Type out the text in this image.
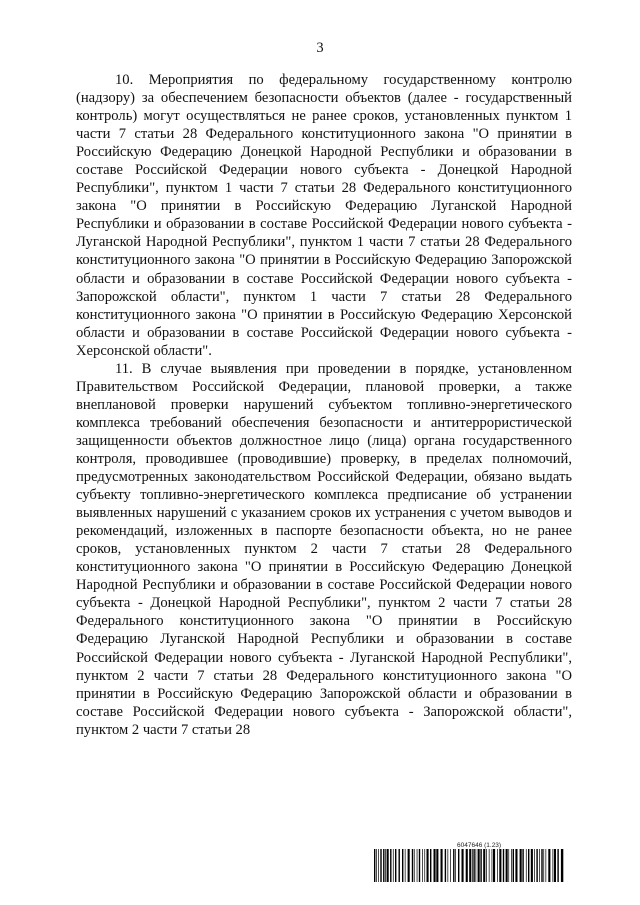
3

10. Мероприятия по федеральному государственному контролю (надзору) за обеспечением безопасности объектов (далее - государственный контроль) могут осуществляться не ранее сроков, установленных пунктом 1 части 7 статьи 28 Федерального конституционного закона "О принятии в Российскую Федерацию Донецкой Народной Республики и образовании в составе Российской Федерации нового субъекта - Донецкой Народной Республики", пунктом 1 части 7 статьи 28 Федерального конституционного закона "О принятии в Российскую Федерацию Луганской Народной Республики и образовании в составе Российской Федерации нового субъекта - Луганской Народной Республики", пунктом 1 части 7 статьи 28 Федерального конституционного закона "О принятии в Российскую Федерацию Запорожской области и образовании в составе Российской Федерации нового субъекта - Запорожской области", пунктом 1 части 7 статьи 28 Федерального конституционного закона "О принятии в Российскую Федерацию Херсонской области и образовании в составе Российской Федерации нового субъекта - Херсонской области".

11. В случае выявления при проведении в порядке, установленном Правительством Российской Федерации, плановой проверки, а также внеплановой проверки нарушений субъектом топливно-энергетического комплекса требований обеспечения безопасности и антитеррористической защищенности объектов должностное лицо (лица) органа государственного контроля, проводившее (проводившие) проверку, в пределах полномочий, предусмотренных законодательством Российской Федерации, обязано выдать субъекту топливно-энергетического комплекса предписание об устранении выявленных нарушений с указанием сроков их устранения с учетом выводов и рекомендаций, изложенных в паспорте безопасности объекта, но не ранее сроков, установленных пунктом 2 части 7 статьи 28 Федерального конституционного закона "О принятии в Российскую Федерацию Донецкой Народной Республики и образовании в составе Российской Федерации нового субъекта - Донецкой Народной Республики", пунктом 2 части 7 статьи 28 Федерального конституционного закона "О принятии в Российскую Федерацию Луганской Народной Республики и образовании в составе Российской Федерации нового субъекта - Луганской Народной Республики", пунктом 2 части 7 статьи 28 Федерального конституционного закона "О принятии в Российскую Федерацию Запорожской области и образовании в составе Российской Федерации нового субъекта - Запорожской области", пунктом 2 части 7 статьи 28

6047646 (1.23)
